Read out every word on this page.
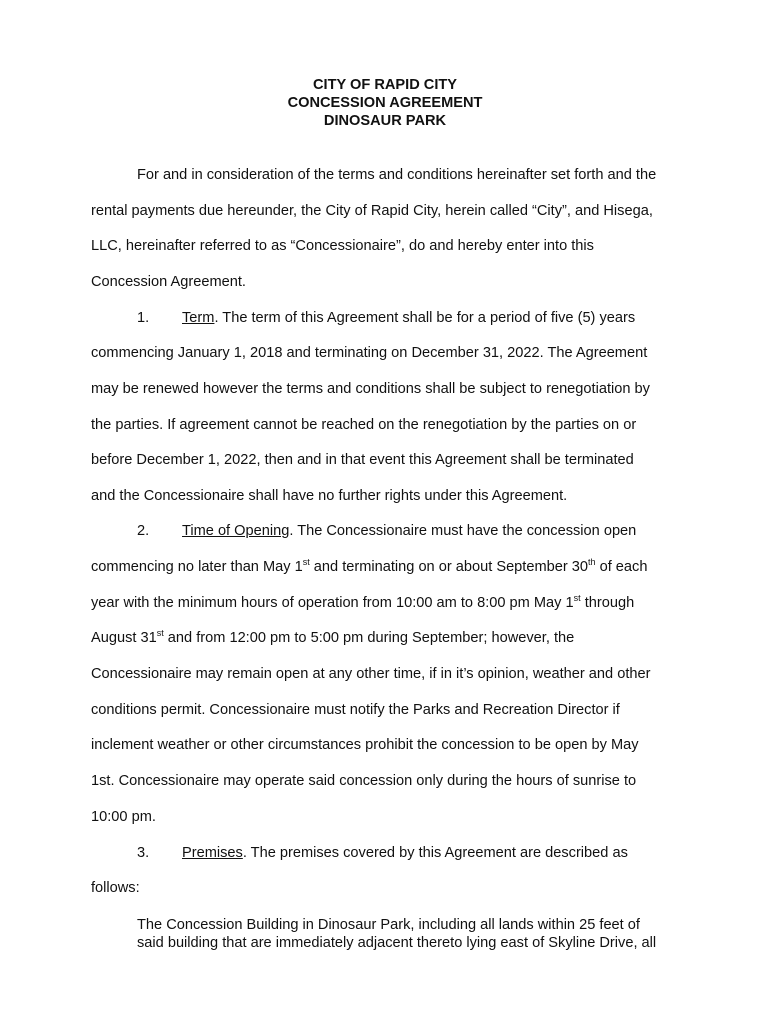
CITY OF RAPID CITY
CONCESSION AGREEMENT
DINOSAUR PARK
For and in consideration of the terms and conditions hereinafter set forth and the
rental payments due hereunder, the City of Rapid City, herein called “City”, and Hisega,
LLC, hereinafter referred to as “Concessionaire”, do and hereby enter into this
Concession Agreement.
1. Term. The term of this Agreement shall be for a period of five (5) years
commencing January 1, 2018 and terminating on December 31, 2022. The Agreement
may be renewed however the terms and conditions shall be subject to renegotiation by
the parties. If agreement cannot be reached on the renegotiation by the parties on or
before December 1, 2022, then and in that event this Agreement shall be terminated
and the Concessionaire shall have no further rights under this Agreement.
2. Time of Opening. The Concessionaire must have the concession open
commencing no later than May 1st and terminating on or about September 30th of each
year with the minimum hours of operation from 10:00 am to 8:00 pm May 1st through
August 31st and from 12:00 pm to 5:00 pm during September; however, the
Concessionaire may remain open at any other time, if in it’s opinion, weather and other
conditions permit. Concessionaire must notify the Parks and Recreation Director if
inclement weather or other circumstances prohibit the concession to be open by May
1st. Concessionaire may operate said concession only during the hours of sunrise to
10:00 pm.
3. Premises. The premises covered by this Agreement are described as
follows:
The Concession Building in Dinosaur Park, including all lands within 25 feet of
said building that are immediately adjacent thereto lying east of Skyline Drive, all
